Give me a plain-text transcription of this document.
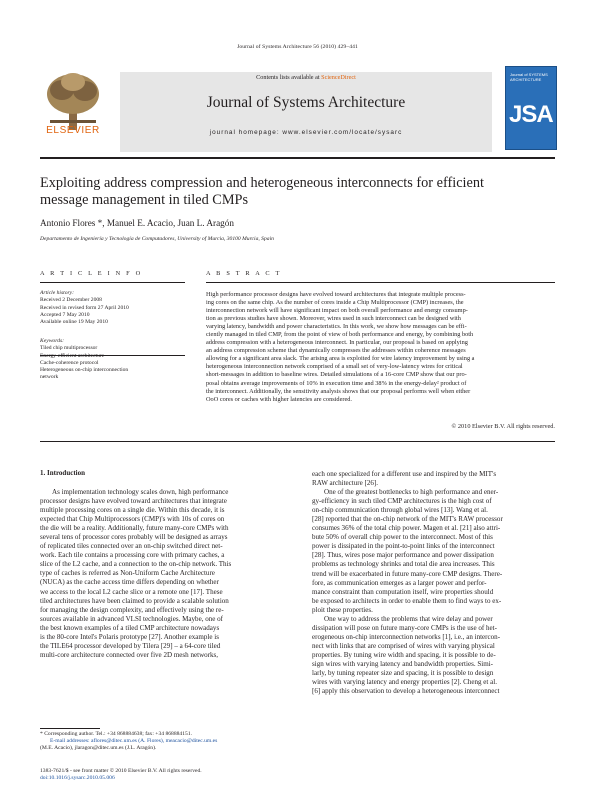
Journal of Systems Architecture 56 (2010) 429–441
Contents lists available at ScienceDirect
Journal of Systems Architecture
journal homepage: www.elsevier.com/locate/sysarc
ELSEVIER
Journal of SYSTEMS ARCHITECTURE
JSA
Exploiting address compression and heterogeneous interconnects for efficient
message management in tiled CMPs
Antonio Flores *, Manuel E. Acacio, Juan L. Aragón
Departamento de Ingeniería y Tecnología de Computadores, University of Murcia, 30100 Murcia, Spain
A R T I C L E I N F O	A B S T R A C T
Article history:
Received 2 December 2008
Received in revised form 27 April 2010
Accepted 7 May 2010
Available online 19 May 2010
Keywords:
Tiled chip multiprocessor
Energy-efficient architecture
Cache-coherence protocol
Heterogeneous on-chip interconnection
network
High performance processor designs have evolved toward architectures that integrate multiple process-
ing cores on the same chip. As the number of cores inside a Chip Multiprocessor (CMP) increases, the
interconnection network will have significant impact on both overall performance and energy consump-
tion as previous studies have shown. Moreover, wires used in such interconnect can be designed with
varying latency, bandwidth and power characteristics. In this work, we show how messages can be effi-
ciently managed in tiled CMP, from the point of view of both performance and energy, by combining both
address compression with a heterogeneous interconnect. In particular, our proposal is based on applying
an address compression scheme that dynamically compresses the addresses within coherence messages
allowing for a significant area slack. The arising area is exploited for wire latency improvement by using a
heterogeneous interconnection network comprised of a small set of very-low-latency wires for critical
short-messages in addition to baseline wires. Detailed simulations of a 16-core CMP show that our pro-
posal obtains average improvements of 10% in execution time and 38% in the energy-delay² product of
the interconnect. Additionally, the sensitivity analysis shows that our proposal performs well when either
OoO cores or caches with higher latencies are considered.
© 2010 Elsevier B.V. All rights reserved.
1. Introduction

As implementation technology scales down, high performance

processor designs have evolved toward architectures that integrate

multiple processing cores on a single die. Within this decade, it is

expected that Chip Multiprocessors (CMP)'s with 10s of cores on

the die will be a reality. Additionally, future many-core CMPs with

several tens of processor cores probably will be designed as arrays

of replicated tiles connected over an on-chip switched direct net-

work. Each tile contains a processing core with primary caches, a

slice of the L2 cache, and a connection to the on-chip network. This

type of caches is referred as Non-Uniform Cache Architecture

(NUCA) as the cache access time differs depending on whether

we access to the local L2 cache slice or a remote one [17]. These

tiled architectures have been claimed to provide a scalable solution

for managing the design complexity, and effectively using the re-

sources available in advanced VLSI technologies. Maybe, one of

the best known examples of a tiled CMP architecture nowadays

is the 80-core Intel's Polaris prototype [27]. Another example is

the TILE64 processor developed by Tilera [29] – a 64-core tiled

multi-core architecture connected over five 2D mesh networks,

each one specialized for a different use and inspired by the MIT's

RAW architecture [26].

One of the greatest bottlenecks to high performance and ener-

gy-efficiency in such tiled CMP architectures is the high cost of

on-chip communication through global wires [13]. Wang et al.

[28] reported that the on-chip network of the MIT's RAW processor

consumes 36% of the total chip power. Magen et al. [21] also attri-

bute 50% of overall chip power to the interconnect. Most of this

power is dissipated in the point-to-point links of the interconnect

[28]. Thus, wires pose major performance and power dissipation

problems as technology shrinks and total die area increases. This

trend will be exacerbated in future many-core CMP designs. There-

fore, as communication emerges as a larger power and perfor-

mance constraint than computation itself, wire properties should

be exposed to architects in order to enable them to find ways to ex-

ploit these properties.

One way to address the problems that wire delay and power

dissipation will pose on future many-core CMPs is the use of het-

erogeneous on-chip interconnection networks [1], i.e., an intercon-

nect with links that are comprised of wires with varying physical

properties. By tuning wire width and spacing, it is possible to de-

sign wires with varying latency and bandwidth properties. Simi-

larly, by tuning repeater size and spacing, it is possible to design

wires with varying latency and energy properties [2]. Cheng et al.

[6] apply this observation to develop a heterogeneous interconnect

* Corresponding author. Tel.: +34 868884638; fax: +34 868884151.
E-mail addresses: aflores@ditec.um.es (A. Flores), meacacio@ditec.um.es
(M.E. Acacio), jlaragon@ditec.um.es (J.L. Aragón).
1383-7621/$ - see front matter © 2010 Elsevier B.V. All rights reserved.
doi:10.1016/j.sysarc.2010.05.006
